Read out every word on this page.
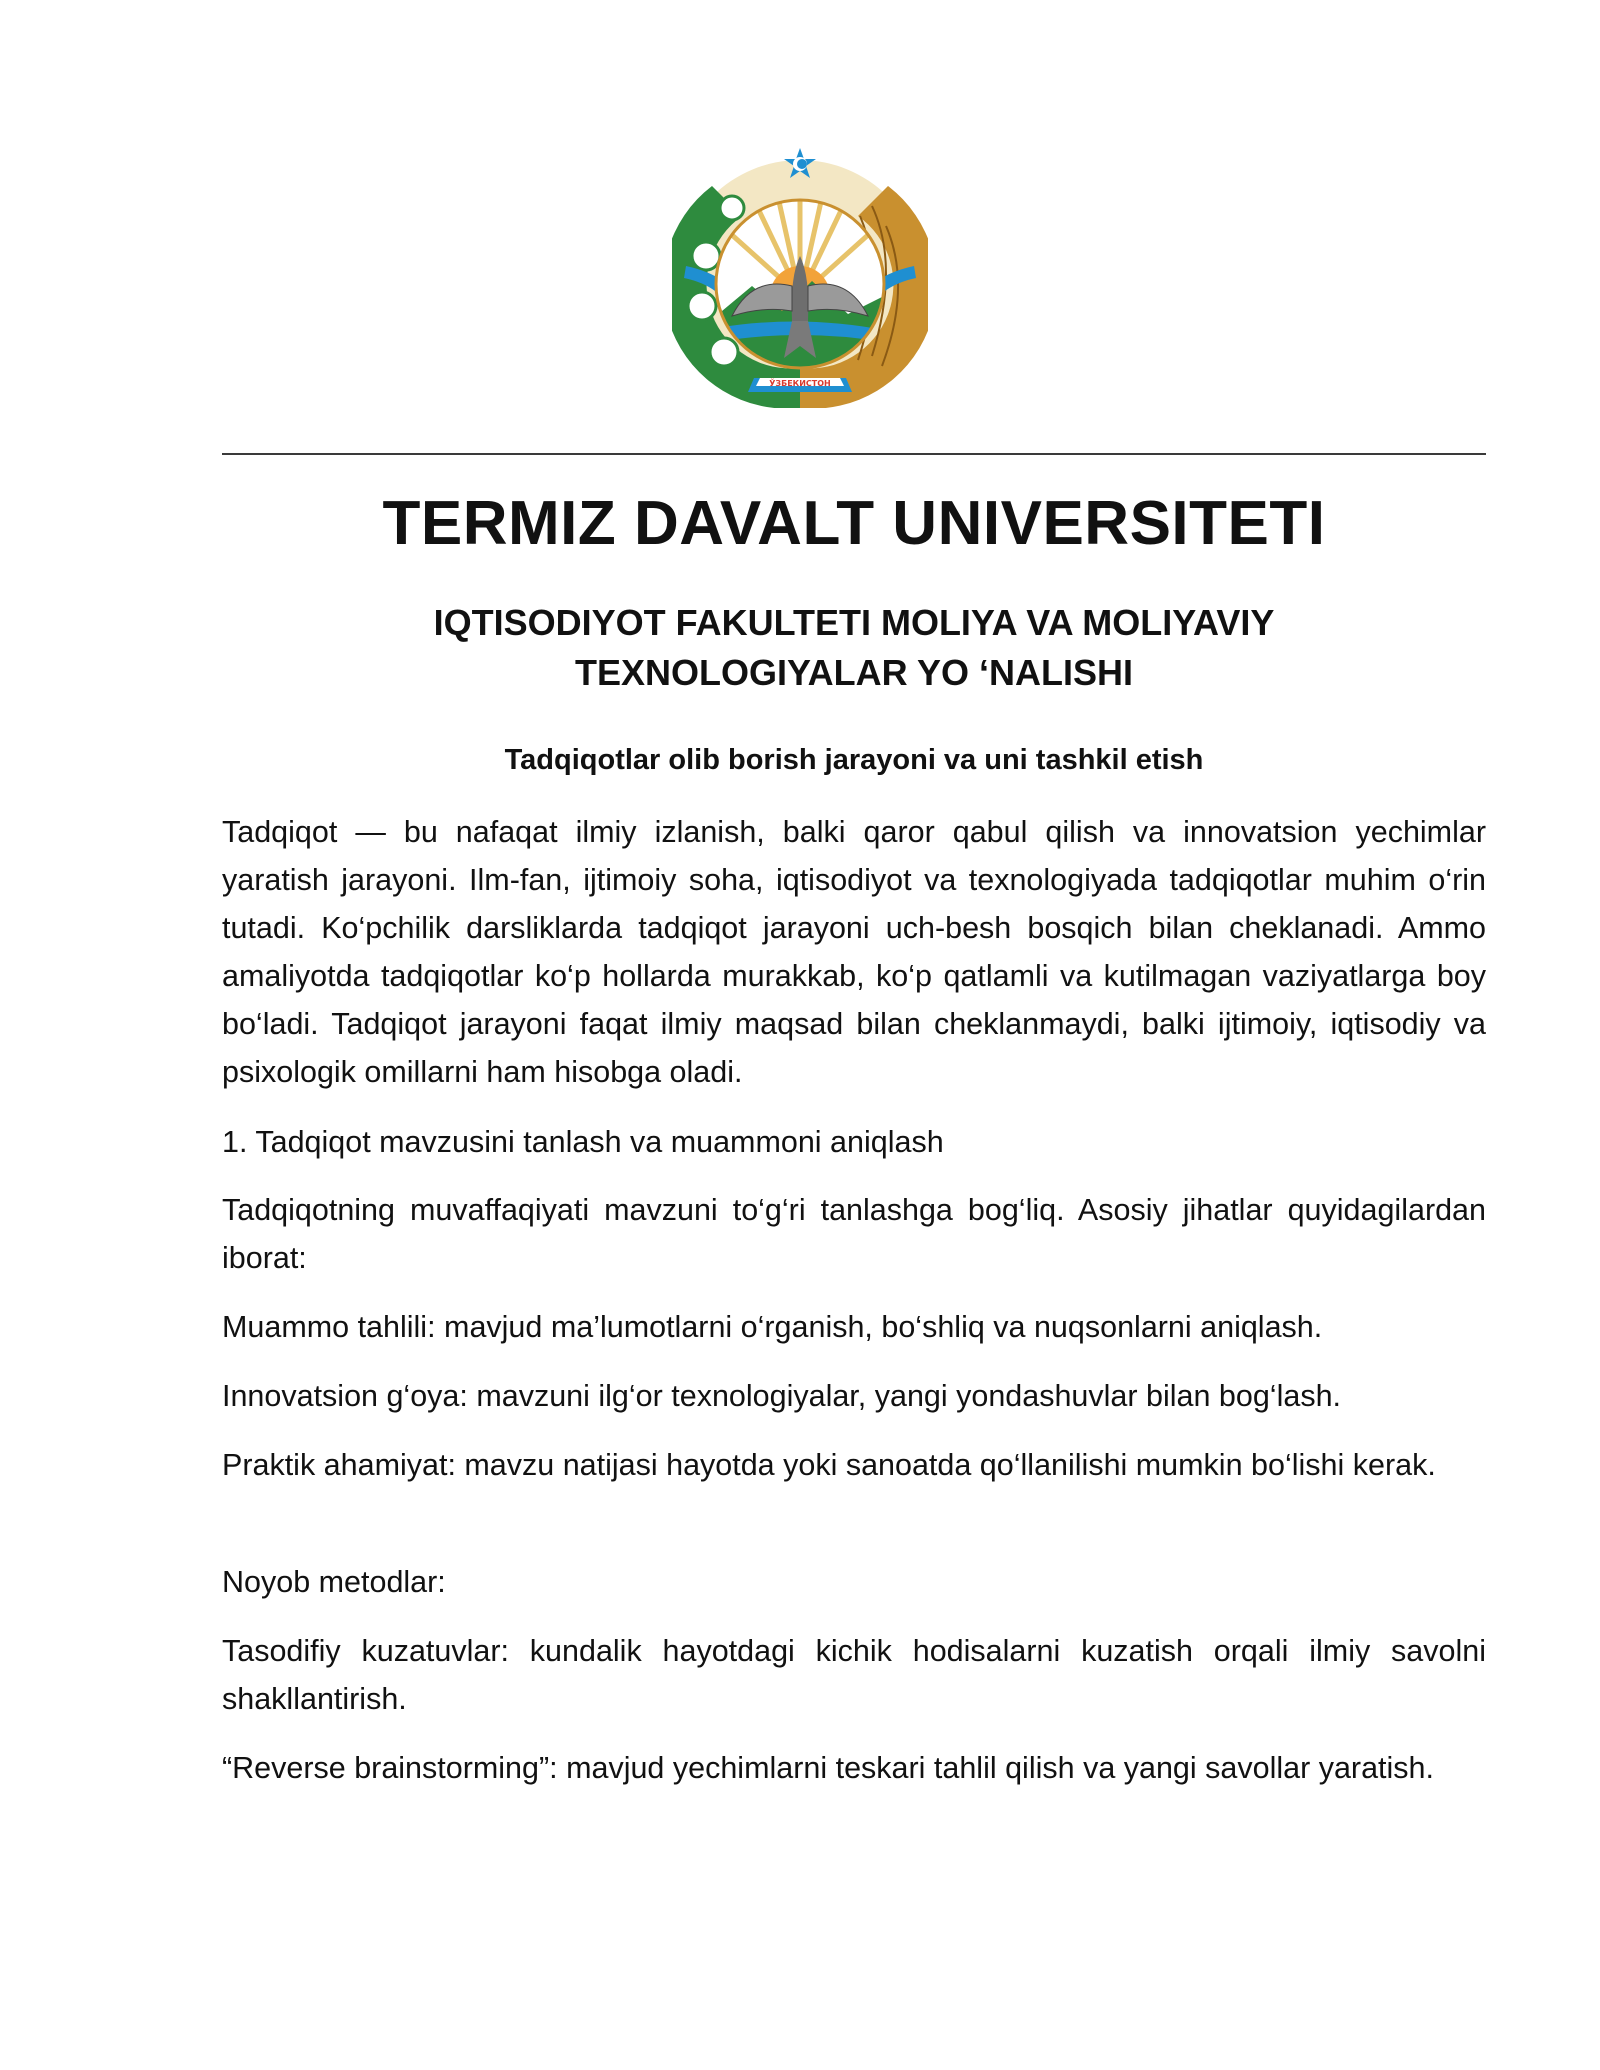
ЎЗБЕКИСТОН
TERMIZ DAVALT UNIVERSITETI
IQTISODIYOT FAKULTETI MOLIYA VA MOLIYAVIY
TEXNOLOGIYALAR YO ‘NALISHI
Tadqiqotlar olib borish jarayoni va uni tashkil etish

Tadqiqot — bu nafaqat ilmiy izlanish, balki qaror qabul qilish va innovatsion yechimlar yaratish jarayoni. Ilm-fan, ijtimoiy soha, iqtisodiyot va texnologiyada tadqiqotlar muhim o‘rin tutadi. Ko‘pchilik darsliklarda tadqiqot jarayoni uch-besh bosqich bilan cheklanadi. Ammo amaliyotda tadqiqotlar ko‘p hollarda murakkab, ko‘p qatlamli va kutilmagan vaziyatlarga boy bo‘ladi. Tadqiqot jarayoni faqat ilmiy maqsad bilan cheklanmaydi, balki ijtimoiy, iqtisodiy va psixologik omillarni ham hisobga oladi.

1. Tadqiqot mavzusini tanlash va muammoni aniqlash

Tadqiqotning muvaffaqiyati mavzuni to‘g‘ri tanlashga bog‘liq. Asosiy jihatlar quyidagilardan iborat:

Muammo tahlili: mavjud ma’lumotlarni o‘rganish, bo‘shliq va nuqsonlarni aniqlash.

Innovatsion g‘oya: mavzuni ilg‘or texnologiyalar, yangi yondashuvlar bilan bog‘lash.

Praktik ahamiyat: mavzu natijasi hayotda yoki sanoatda qo‘llanilishi mumkin bo‘lishi kerak.

Noyob metodlar:

Tasodifiy kuzatuvlar: kundalik hayotdagi kichik hodisalarni kuzatish orqali ilmiy savolni shakllantirish.

“Reverse brainstorming”: mavjud yechimlarni teskari tahlil qilish va yangi savollar yaratish.
